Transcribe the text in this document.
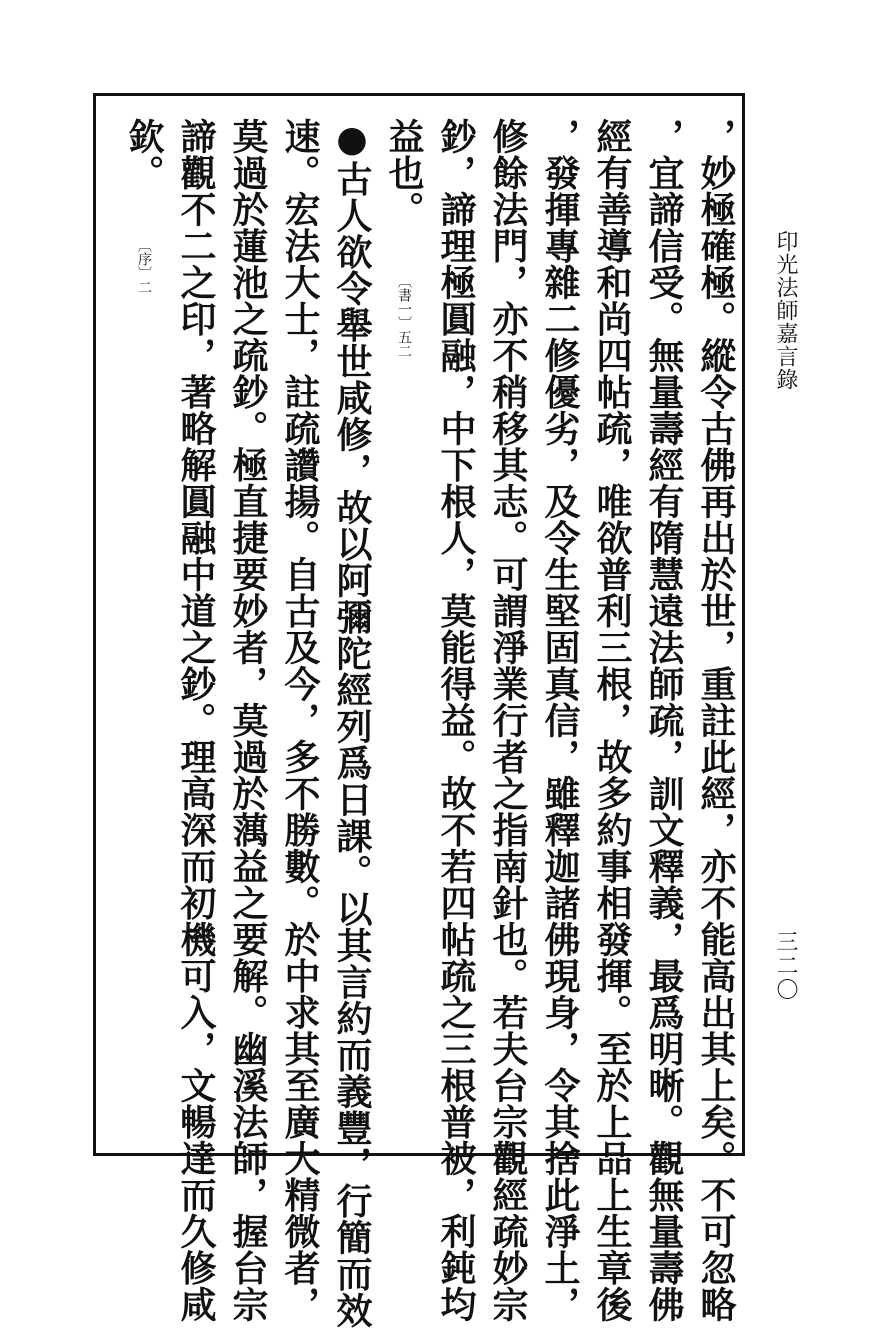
印光法師嘉言錄
三二〇
，妙極確極。縱令古佛再出於世，重註此經，亦不能高出其上矣。不可忽略
，宜諦信受。無量壽經有隋慧遠法師疏，訓文釋義，最爲明晰。觀無量壽佛
經有善導和尚四帖疏，唯欲普利三根，故多約事相發揮。至於上品上生章後
，發揮專雜二修優劣，及令生堅固真信，雖釋迦諸佛現身，令其捨此淨土，
修餘法門，亦不稍移其志。可謂淨業行者之指南針也。若夫台宗觀經疏妙宗
鈔，諦理極圓融，中下根人，莫能得益。故不若四帖疏之三根普被，利鈍均
益也。 〔書一〕五二
●古人欲令舉世咸修，故以阿彌陀經列爲日課。以其言約而義豐，行簡而效
速。宏法大士，註疏讚揚。自古及今，多不勝數。於中求其至廣大精微者，
莫過於蓮池之疏鈔。極直捷要妙者，莫過於蕅益之要解。幽溪法師，握台宗
諦觀不二之印，著略解圓融中道之鈔。理高深而初機可入，文暢達而久修咸
欽。 〔序〕二
